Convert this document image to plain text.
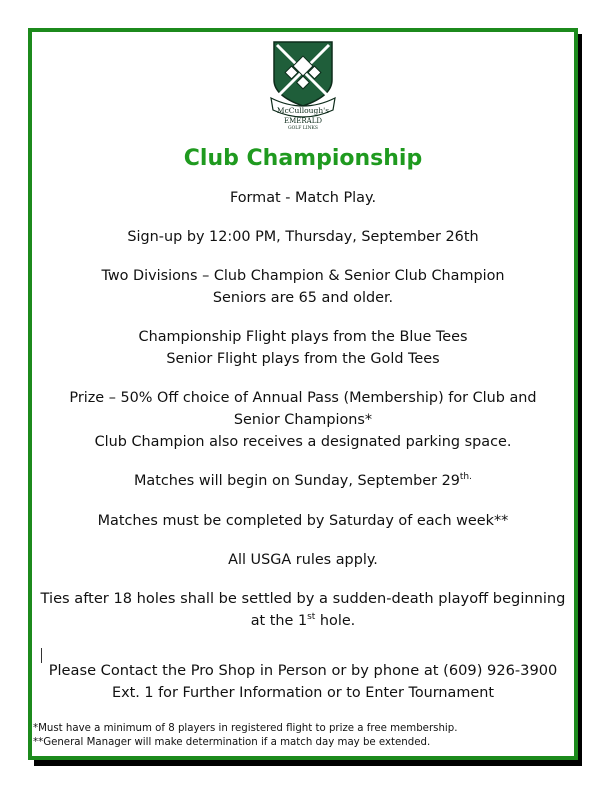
McCullough's
EMERALD
GOLF LINKS
Club Championship
Format - Match Play.
Sign-up by 12:00 PM, Thursday, September 26th
Two Divisions – Club Champion & Senior Club Champion
Seniors are 65 and older.
Championship Flight plays from the Blue Tees
Senior Flight plays from the Gold Tees
Prize – 50% Off choice of Annual Pass (Membership) for Club and
Senior Champions*
Club Champion also receives a designated parking space.
Matches will begin on Sunday, September $29^{th.}$
Matches must be completed by Saturday of each week**
All USGA rules apply.
Ties after 18 holes shall be settled by a sudden-death playoff beginning
at the 1st hole.
Please Contact the Pro Shop in Person or by phone at (609) 926-3900
Ext. 1 for Further Information or to Enter Tournament
*Must have a minimum of 8 players in registered flight to prize a free membership.
**General Manager will make determination if a match day may be extended.
